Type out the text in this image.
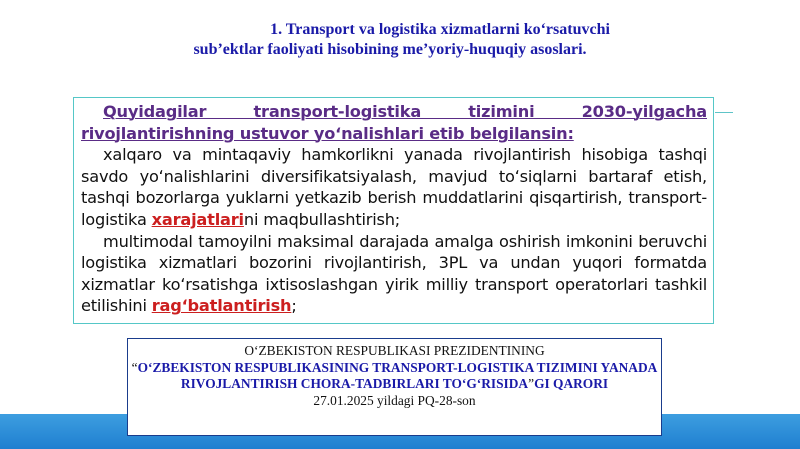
1. Transport va logistika xizmatlarni koʻrsatuvchi
subʼektlar faoliyati hisobining meʼyoriy-huquqiy asoslari.

Quyidagilar transport-logistika tizimini 2030-yilgacha rivojlantirishning ustuvor yoʻnalishlari etib belgilansin:

xalqaro va mintaqaviy hamkorlikni yanada rivojlantirish hisobiga tashqi savdo yoʻnalishlarini diversifikatsiyalash, mavjud toʻsiqlarni bartaraf etish, tashqi bozorlarga yuklarni yetkazib berish muddatlarini qisqartirish, transport-logistika xarajatlarini maqbullashtirish;

multimodal tamoyilni maksimal darajada amalga oshirish imkonini beruvchi logistika xizmatlari bozorini rivojlantirish, 3PL va undan yuqori formatda xizmatlar koʻrsatishga ixtisoslashgan yirik milliy transport operatorlari tashkil etilishini ragʻbatlantirish;

OʻZBEKISTON RESPUBLIKASI PREZIDENTINING
“OʻZBEKISTON RESPUBLIKASINING TRANSPORT-LOGISTIKA TIZIMINI YANADA RIVOJLANTIRISH CHORA-TADBIRLARI TOʻGʻRISIDA”GI QARORI
27.01.2025 yildagi PQ-28-son
